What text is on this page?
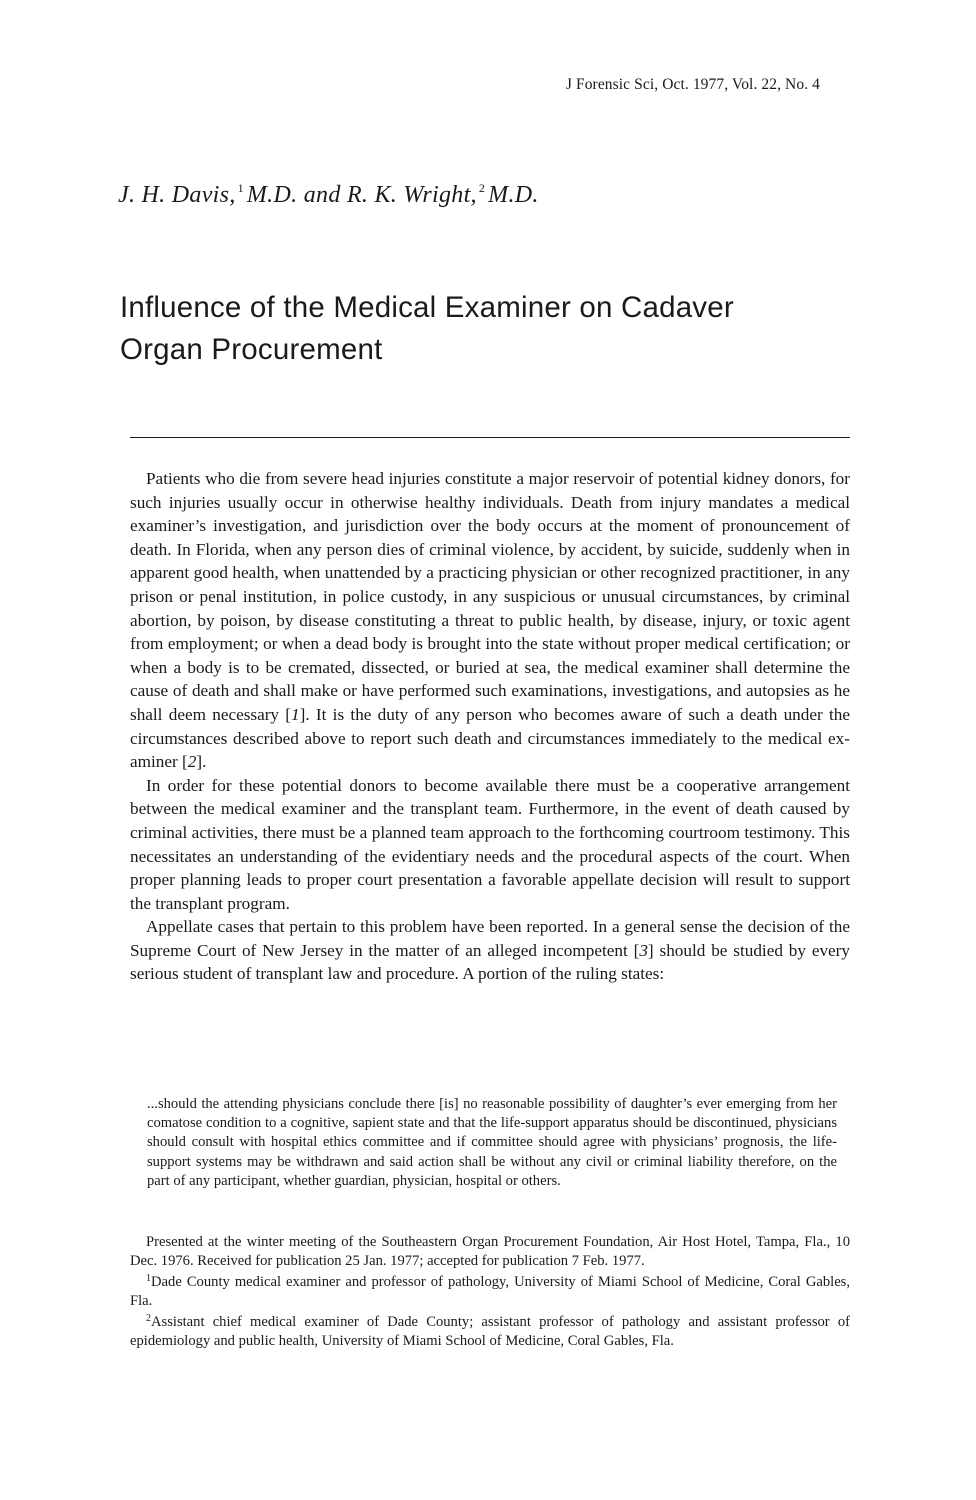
J Forensic Sci, Oct. 1977, Vol. 22, No. 4
J. H. Davis, $^1$ M.D. and R. K. Wright, $^2$ M.D.
Influence of the Medical Examiner on Cadaver
Organ Procurement

Patients who die from severe head injuries constitute a major reservoir of potential kidney donors, for such injuries usually occur in otherwise healthy individuals. Death from injury mandates a medical examiner’s investigation, and jurisdiction over the body occurs at the moment of pronouncement of death. In Florida, when any person dies of criminal violence, by accident, by suicide, suddenly when in apparent good health, when unattended by a practicing physician or other recognized practitioner, in any prison or penal institution, in police custody, in any suspicious or unusual circumstances, by criminal abortion, by poison, by disease constituting a threat to public health, by disease, injury, or toxic agent from employment; or when a dead body is brought into the state without proper medical certification; or when a body is to be cremated, dissected, or buried at sea, the medical examiner shall determine the cause of death and shall make or have performed such examinations, investigations, and autopsies as he shall deem necessary [1]. It is the duty of any person who becomes aware of such a death under the circumstances described above to report such death and circumstances immediately to the medical examiner [2].

In order for these potential donors to become available there must be a cooperative arrangement between the medical examiner and the transplant team. Furthermore, in the event of death caused by criminal activities, there must be a planned team approach to the forthcoming courtroom testimony. This necessitates an understanding of the evidentiary needs and the procedural aspects of the court. When proper planning leads to proper court presentation a favorable appellate decision will result to support the transplant program.

Appellate cases that pertain to this problem have been reported. In a general sense the decision of the Supreme Court of New Jersey in the matter of an alleged incompetent [3] should be studied by every serious student of transplant law and procedure. A portion of the ruling states:

...should the attending physicians conclude there [is] no reasonable possibility of daughter’s ever emerging from her comatose condition to a cognitive, sapient state and that the life-support apparatus should be discontinued, physicians should consult with hospital ethics committee and if committee should agree with physicians’ prognosis, the life-support systems may be withdrawn and said action shall be without any civil or criminal liability therefore, on the part of any participant, whether guardian, physician, hospital or others.

Presented at the winter meeting of the Southeastern Organ Procurement Foundation, Air Host Hotel, Tampa, Fla., 10 Dec. 1976. Received for publication 25 Jan. 1977; accepted for publication 7 Feb. 1977.

$^1$Dade County medical examiner and professor of pathology, University of Miami School of Medicine, Coral Gables, Fla.

$^2$Assistant chief medical examiner of Dade County; assistant professor of pathology and assistant professor of epidemiology and public health, University of Miami School of Medicine, Coral Gables, Fla.
